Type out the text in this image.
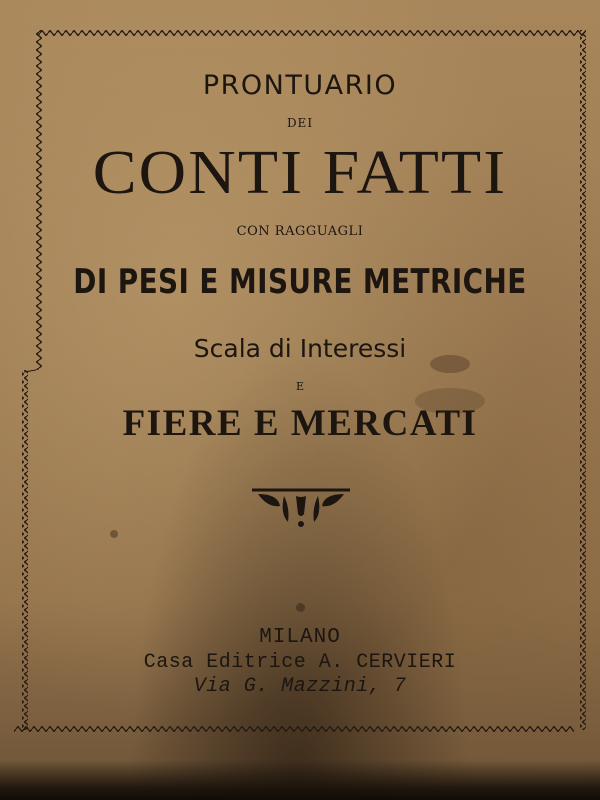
PRONTUARIO
DEI
CONTI FATTI
CON RAGGUAGLI
DI PESI E MISURE METRICHE
Scala di Interessi
E
FIERE E MERCATI
MILANO
Casa Editrice A. CERVIERI
Via G. Mazzini, 7
